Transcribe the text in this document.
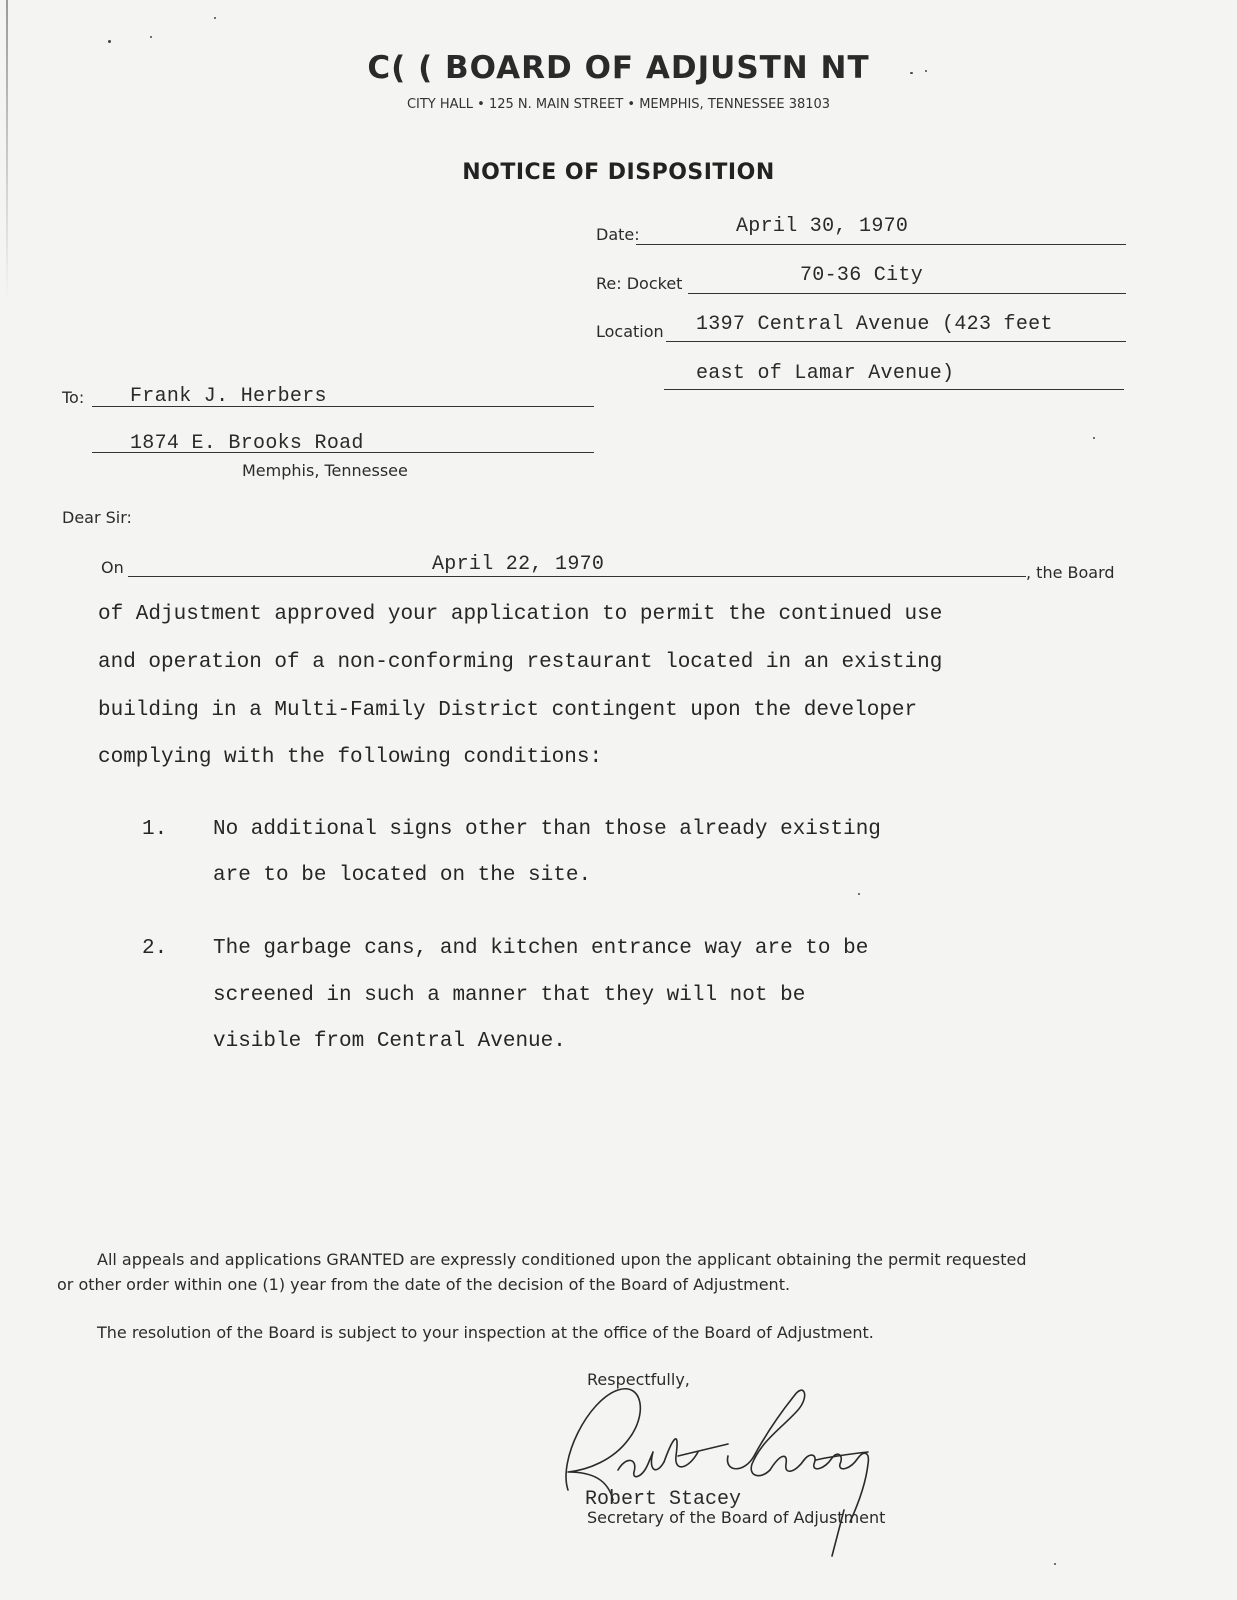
C( ( BOARD OF ADJUSTN NT
CITY HALL • 125 N. MAIN STREET • MEMPHIS, TENNESSEE 38103
NOTICE OF DISPOSITION
Date:	April 30, 1970
Re: Docket	70-36 City
Location 1397 Central Avenue (423 feet
east of Lamar Avenue)
To: Frank J. Herbers
1874 E. Brooks Road
Memphis, Tennessee
Dear Sir:
On	April 22, 1970	, the Board
of Adjustment approved your application to permit the continued use
and operation of a non-conforming restaurant located in an existing
building in a Multi-Family District contingent upon the developer
complying with the following conditions:
1. No additional signs other than those already existing
are to be located on the site.
2. The garbage cans, and kitchen entrance way are to be
screened in such a manner that they will not be
visible from Central Avenue.
All appeals and applications GRANTED are expressly conditioned upon the applicant obtaining the permit requested
or other order within one (1) year from the date of the decision of the Board of Adjustment.
The resolution of the Board is subject to your inspection at the office of the Board of Adjustment.
Respectfully,
Robert Stacey
Secretary of the Board of Adjustment
